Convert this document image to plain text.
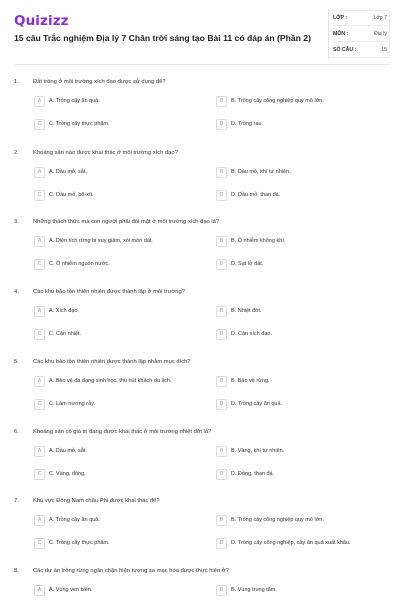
Quizizz
15 câu Trắc nghiệm Địa lý 7 Chân trời sáng tạo Bài 11 có đáp án (Phần 2)
LỚP :	Lớp 7
MÔN :	Địa lý
SỐ CÂU :	15
1. Đất trồng ở môi trường xích đạo được sử dụng để?
A	A. Trồng cây ăn quả.	B	B. Trồng cây công nghiệp quy mô lớn.
C	C. Trồng cây thực phẩm.	D	D. Trồng rau.
2. Khoáng sản nào được khai thác ở môi trường xích đạo?
A	A. Dầu mỏ, sắt.	B	B. Dầu mỏ, khí tự nhiên.
C	C. Dầu mỏ, bô-xít.	D	D. Dầu mỏ, than đá.
3. Những thách thức mà con người phải đối mặt ở môi trường xích đạo là?
A	A. Diện tích rừng bị suy giảm, xói mòn đất.	B	B. Ô nhiễm không khí.
C	C. Ô nhiễm nguồn nước.	D	D. Sạt lở đất.
4. Các khu bảo tồn thiên nhiên được thành lập ở môi trường?
A	A. Xích đạo.	B	B. Nhiệt đới.
C	C. Cận nhiệt.	D	D. Cận xích đạo.
5. Các khu bảo tồn thiên nhiên được thành lập nhằm mục đích?
A	A. Bảo vệ đa dạng sinh học, thu hút khách du lịch.	B	B. Bảo vệ rừng.
C	C. Làm nương rẫy.	D	D. Trồng cây ăn quả.
6. Khoáng sản có giá trị đang được khai thác ở môi trường nhiệt đới là?
A	A. Dầu mỏ, sắt.	B	B. Vàng, khí tự nhiên.
C	C. Vàng, đồng.	D	D. Đồng, than đá.
7. Khu vực Đông Nam châu Phi được khai thác để?
A	A. Trồng cây ăn quả.	B	B. Trồng cây công nghiệp quy mô lớn.
C	C. Trồng cây thực phẩm.	D	D. Trồng cây công nghiệp, cây ăn quả xuất khẩu.
8. Các dự án trồng rừng ngăn chặn hiện tượng sa mạc hóa được thực hiện ở?
A	A. Vùng ven biển.	B	B. Vùng trung tâm.
